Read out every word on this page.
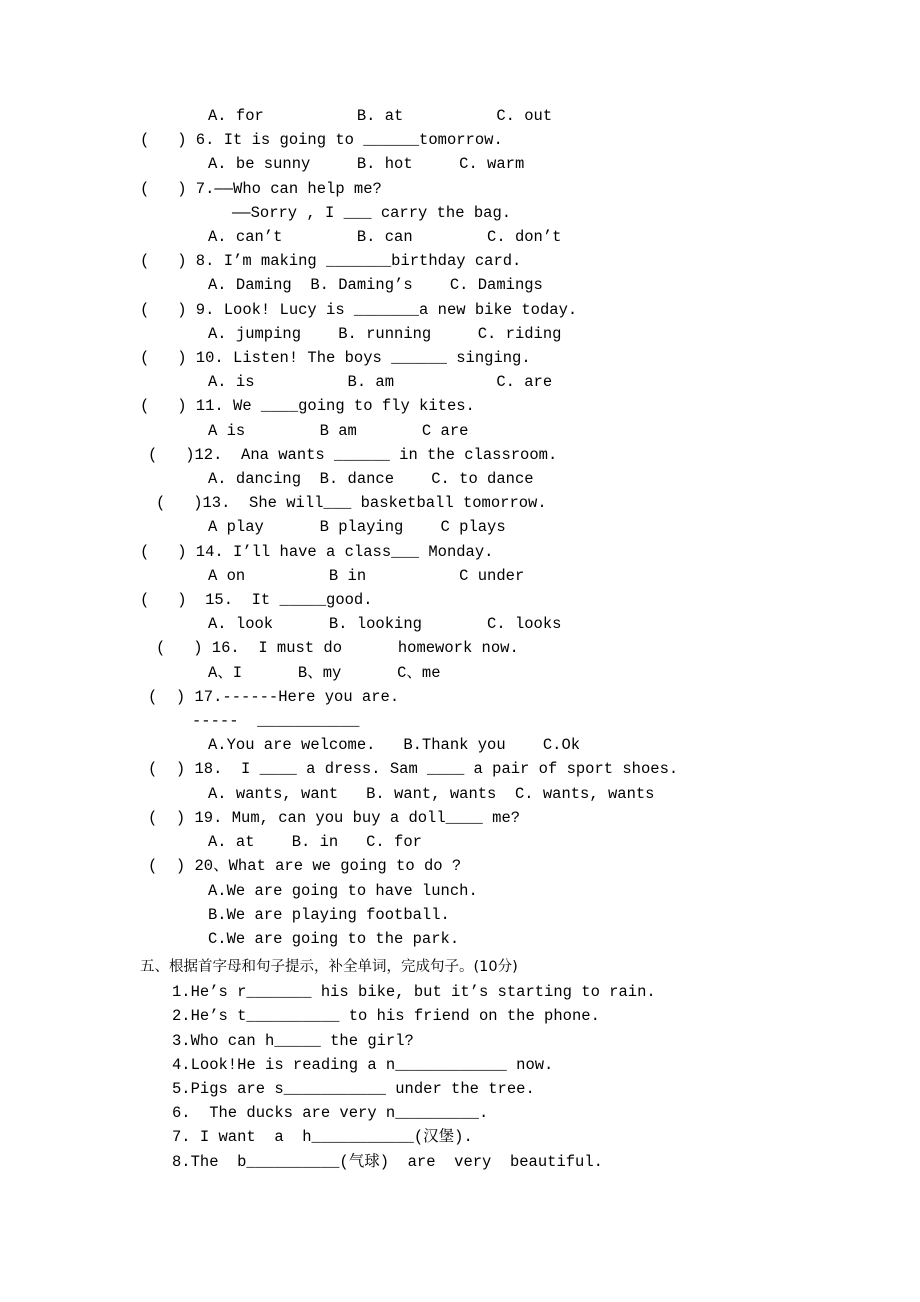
A. for          B. at          C. out
(   ) 6. It is going to ______tomorrow.
A. be sunny     B. hot     C. warm
(   ) 7.——Who can help me?
——Sorry , I ___ carry the bag.
A. can’t        B. can        C. don’t
(   ) 8. I’m making _______birthday card.
A. Daming  B. Daming’s    C. Damings
(   ) 9. Look! Lucy is _______a new bike today.
A. jumping    B. running     C. riding
(   ) 10. Listen! The boys ______ singing.
A. is          B. am           C. are
(   ) 11. We ____going to fly kites.
A is        B am       C are
(   )12.  Ana wants ______ in the classroom.
A. dancing  B. dance    C. to dance
(   )13.  She will___ basketball tomorrow.
A play      B playing    C plays
(   ) 14. I’ll have a class___ Monday.
A on         B in          C under
(   )  15.  It _____good.
A. look      B. looking       C. looks
(   ) 16.  I must do      homework now.
A、I      B、my      C、me
(  ) 17.------Here you are.
-----  ___________
A.You are welcome.   B.Thank you    C.Ok
(  ) 18.  I ____ a dress. Sam ____ a pair of sport shoes.
A. wants, want   B. want, wants  C. wants, wants
(  ) 19. Mum, can you buy a doll____ me?
A. at    B. in   C. for
(  ) 20、What are we going to do ?
A.We are going to have lunch.
B.We are playing football.
C.We are going to the park.
五、根据首字母和句子提示，补全单词，完成句子。(10分)
1.He’s r_______ his bike, but it’s starting to rain.
2.He’s t__________ to his friend on the phone.
3.Who can h_____ the girl?
4.Look!He is reading a n____________ now.
5.Pigs are s___________ under the tree.
6.  The ducks are very n_________.
7. I want  a  h___________(汉堡).
8.The  b__________(气球)  are  very  beautiful.
